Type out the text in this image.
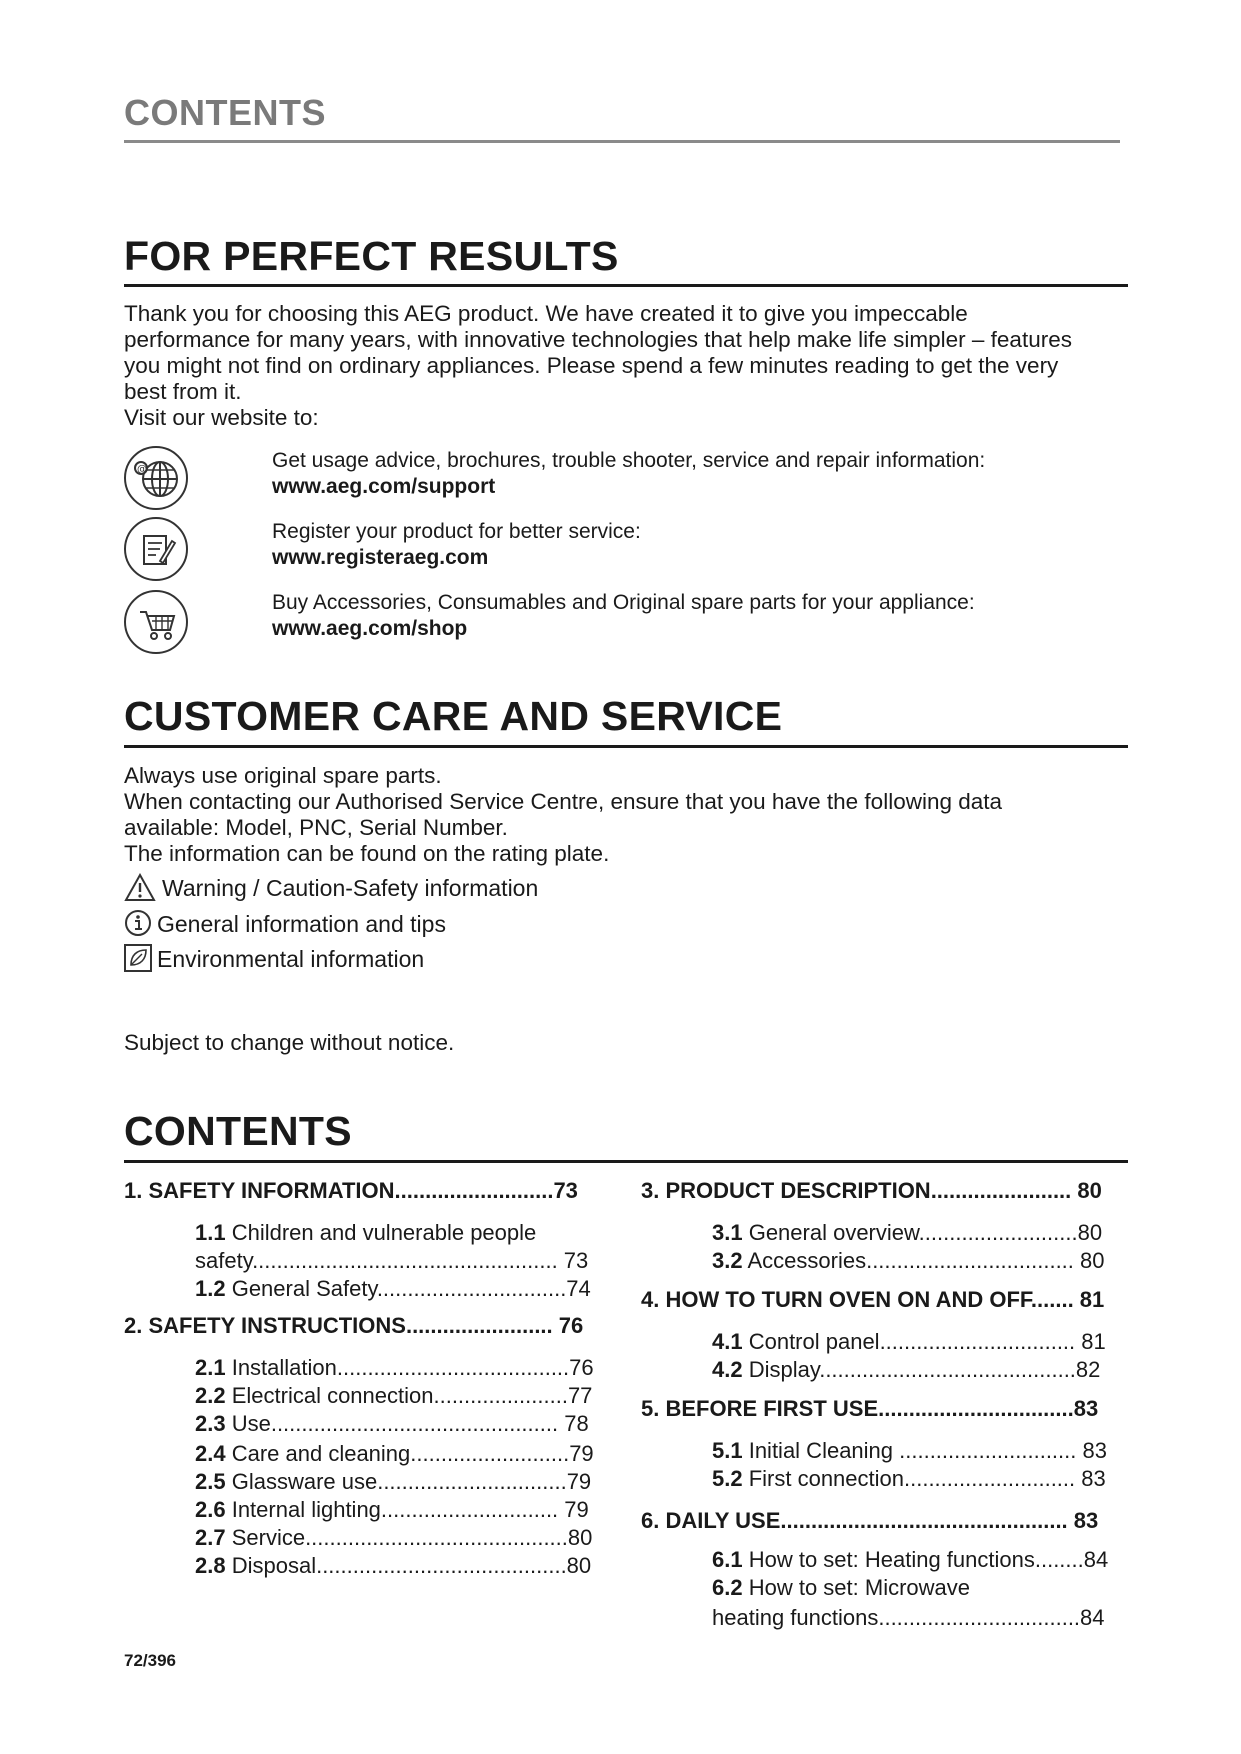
CONTENTS
FOR PERFECT RESULTS
Thank you for choosing this AEG product. We have created it to give you impeccable
performance for many years, with innovative technologies that help make life simpler – features
you might not find on ordinary appliances. Please spend a few minutes reading to get the very
best from it.
Visit our website to:
@	Get usage advice, brochures, trouble shooter, service and repair information:
www.aeg.com/support
Register your product for better service:
www.registeraeg.com
Buy Accessories, Consumables and Original spare parts for your appliance:
www.aeg.com/shop
CUSTOMER CARE AND SERVICE
Always use original spare parts.
When contacting our Authorised Service Centre, ensure that you have the following data
available: Model, PNC, Serial Number.
The information can be found on the rating plate.
Warning / Caution-Safety information
General information and tips
Environmental information
Subject to change without notice.
CONTENTS
1. SAFETY INFORMATION..........................73
1.1 Children and vulnerable people
safety.................................................. 73
1.2 General Safety...............................74
2. SAFETY INSTRUCTIONS........................ 76
2.1 Installation......................................76
2.2 Electrical connection......................77
2.3 Use............................................... 78
2.4 Care and cleaning..........................79
2.5 Glassware use...............................79
2.6 Internal lighting............................. 79
2.7 Service...........................................80
2.8 Disposal.........................................80
3. PRODUCT DESCRIPTION....................... 80
3.1 General overview..........................80
3.2 Accessories.................................. 80
4. HOW TO TURN OVEN ON AND OFF....... 81
4.1 Control panel................................ 81
4.2 Display..........................................82
5. BEFORE FIRST USE................................83
5.1 Initial Cleaning ............................. 83
5.2 First connection............................ 83
6. DAILY USE............................................... 83
6.1 How to set: Heating functions........84
6.2 How to set: Microwave
heating functions.................................84
72/396
